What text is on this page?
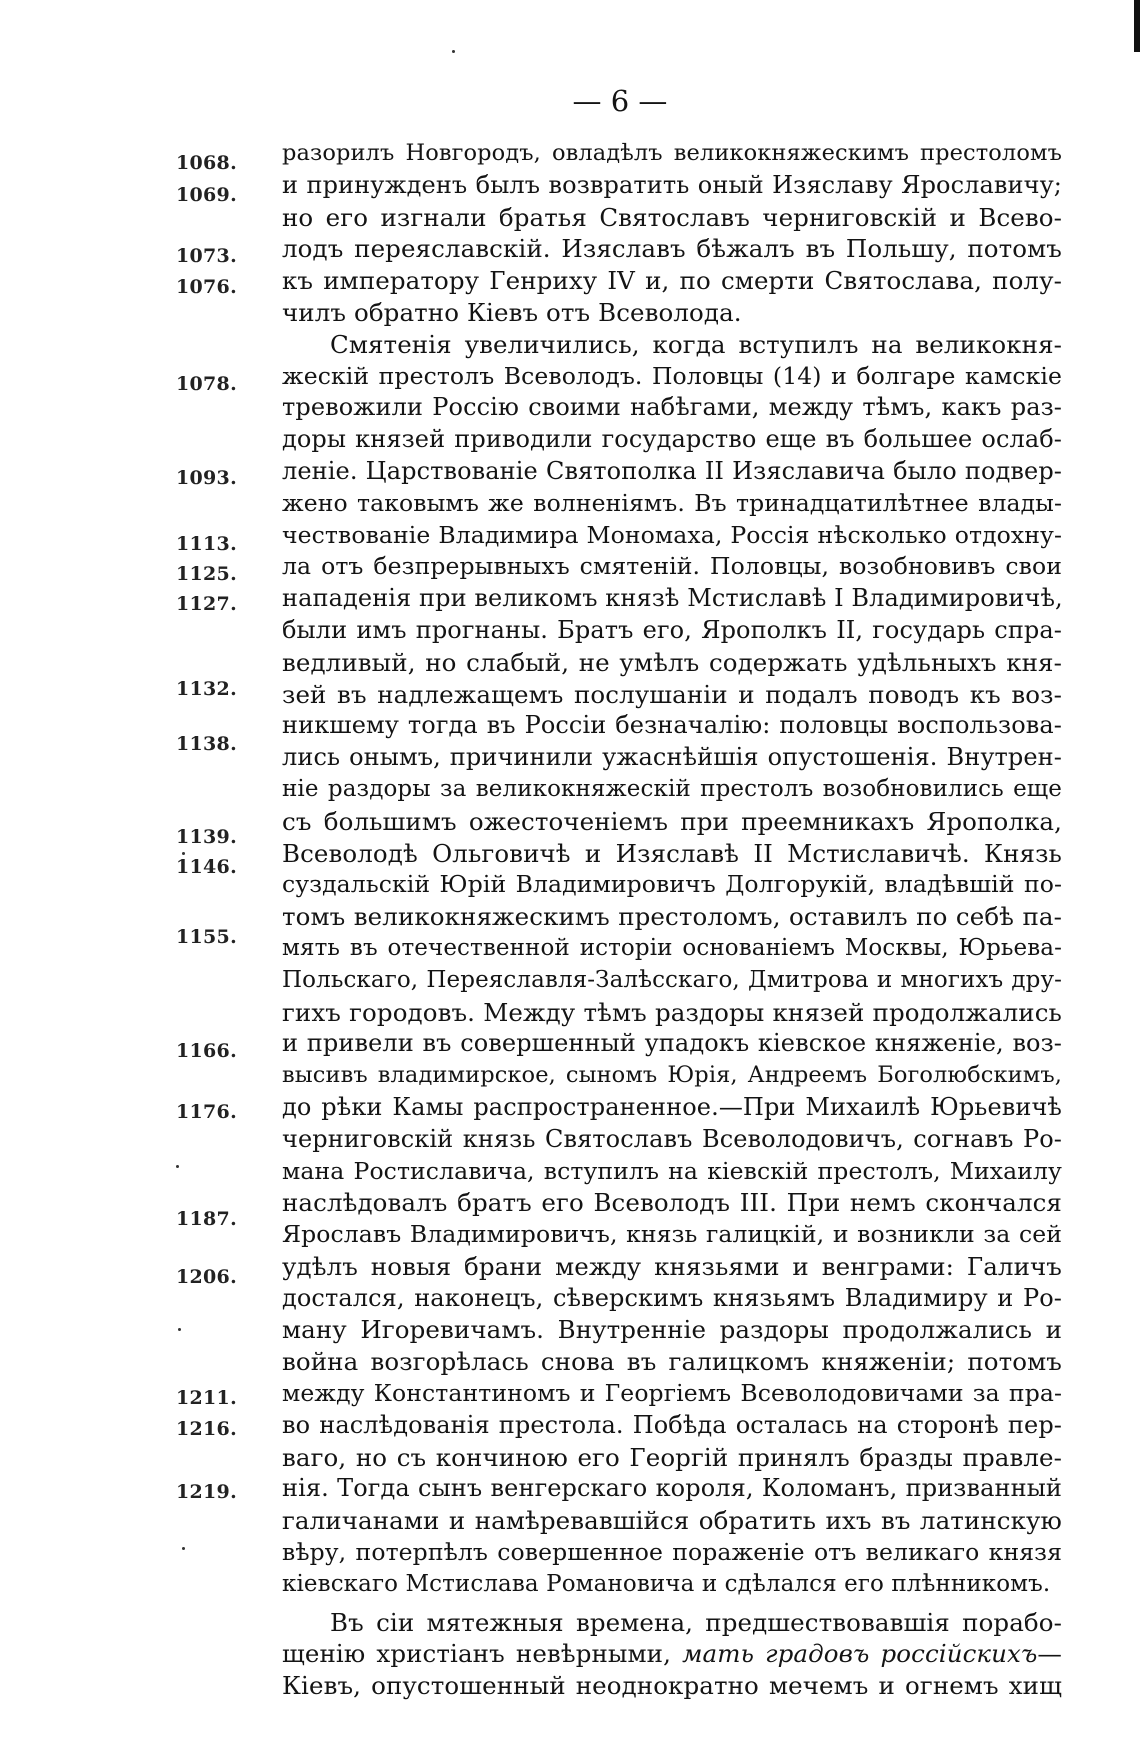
— 6 —
1068.
1069.
1073.
1076.
1078.
1093.
1113.
1125.
1127.
1132.
1138.
1139.
1146.
1155.
1166.
1176.
1187.
1206.
1211.
1216.
1219.
разорилъ Новгородъ, овладѣлъ великокняжескимъ престоломъ
и принужденъ былъ возвратить оный Изяславу Ярославичу;
но его изгнали братья Святославъ черниговскій и Всево-
лодъ переяславскій. Изяславъ бѣжалъ въ Польшу, потомъ
къ императору Генриху IV и, по смерти Святослава, полу-
чилъ обратно Кіевъ отъ Всеволода.
Смятенія увеличились, когда вступилъ на великокня-
жескій престолъ Всеволодъ. Половцы (14) и болгаре камскіе
тревожили Россію своими набѣгами, между тѣмъ, какъ раз-
доры князей приводили государство еще въ большее ослаб-
леніе. Царствованіе Святополка II Изяславича было подвер-
жено таковымъ же волненіямъ. Въ тринадцатилѣтнее влады-
чествованіе Владимира Мономаха, Россія нѣсколько отдохну-
ла отъ безпрерывныхъ смятеній. Половцы, возобновивъ свои
нападенія при великомъ князѣ Мстиславѣ I Владимировичѣ,
были имъ прогнаны. Братъ его, Ярополкъ II, государь спра-
ведливый, но слабый, не умѣлъ содержать удѣльныхъ кня-
зей въ надлежащемъ послушаніи и подалъ поводъ къ воз-
никшему тогда въ Россіи безначалію: половцы воспользова-
лись онымъ, причинили ужаснѣйшія опустошенія. Внутрен-
ніе раздоры за великокняжескій престолъ возобновились еще
съ большимъ ожесточеніемъ при преемникахъ Ярополка,
Всеволодѣ Ольговичѣ и Изяславѣ II Мстиславичѣ. Князь
суздальскій Юрій Владимировичъ Долгорукій, владѣвшій по-
томъ великокняжескимъ престоломъ, оставилъ по себѣ па-
мять въ отечественной исторіи основаніемъ Москвы, Юрьева-
Польскаго, Переяславля-Залѣсскаго, Дмитрова и многихъ дру-
гихъ городовъ. Между тѣмъ раздоры князей продолжались
и привели въ совершенный упадокъ кіевское княженіе, воз-
высивъ владимирское, сыномъ Юрія, Андреемъ Боголюбскимъ,
до рѣки Камы распространенное.—При Михаилѣ Юрьевичѣ
черниговскій князь Святославъ Всеволодовичъ, согнавъ Ро-
мана Ростиславича, вступилъ на кіевскій престолъ, Михаилу
наслѣдовалъ братъ его Всеволодъ III. При немъ скончался
Ярославъ Владимировичъ, князь галицкій, и возникли за сей
удѣлъ новыя брани между князьями и венграми: Галичъ
достался, наконецъ, сѣверскимъ князьямъ Владимиру и Ро-
ману Игоревичамъ. Внутренніе раздоры продолжались и
война возгорѣлась снова въ галицкомъ княженіи; потомъ
между Константиномъ и Георгіемъ Всеволодовичами за пра-
во наслѣдованія престола. Побѣда осталась на сторонѣ пер-
ваго, но съ кончиною его Георгій принялъ бразды правле-
нія. Тогда сынъ венгерскаго короля, Коломанъ, призванный
галичанами и намѣревавшійся обратить ихъ въ латинскую
вѣру, потерпѣлъ совершенное пораженіе отъ великаго князя
кіевскаго Мстислава Романовича и сдѣлался его плѣнникомъ.
Въ сіи мятежныя времена, предшествовавшія порабо-
щенію христіанъ невѣрными, мать градовъ россійскихъ—
Кіевъ, опустошенный неоднократно мечемъ и огнемъ хищ
